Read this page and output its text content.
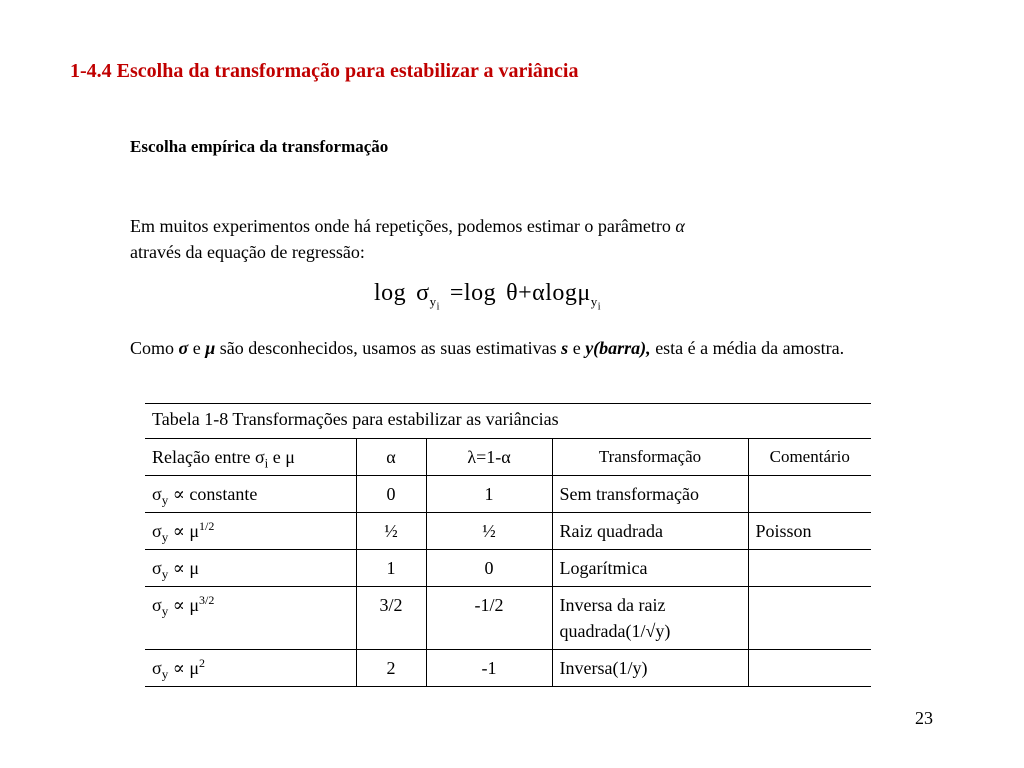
1-4.4 Escolha da transformação para estabilizar a variância
Escolha empírica da transformação
Em muitos experimentos onde há repetições, podemos estimar o parâmetro α
através da equação de regressão:
$\log \sigma_{y_i}=\log$ θ+αlogμ$_{y_i}$
Como σ e μ são desconhecidos, usamos as suas estimativas s e y(barra), esta é a média da amostra.
Tabela 1-8 Transformações para estabilizar as variâncias				
Relação entre $\sigma_i$ e μ	α	λ=1-α	Transformação	Comentário
$\sigma_y$ ∝ constante	0	1	Sem transformação	
$\sigma_y \propto \mu^{1/2}$	½	½	Raiz quadrada	Poisson
$\sigma_y \propto \mu$	1	0	Logarítmica	
$\sigma_y \propto \mu^{3/2}$	3/2	-1/2	Inversa da raiz
quadrada(1/√y)	
$\sigma_y \propto \mu^2$	2	-1	Inversa(1/y)	
23
